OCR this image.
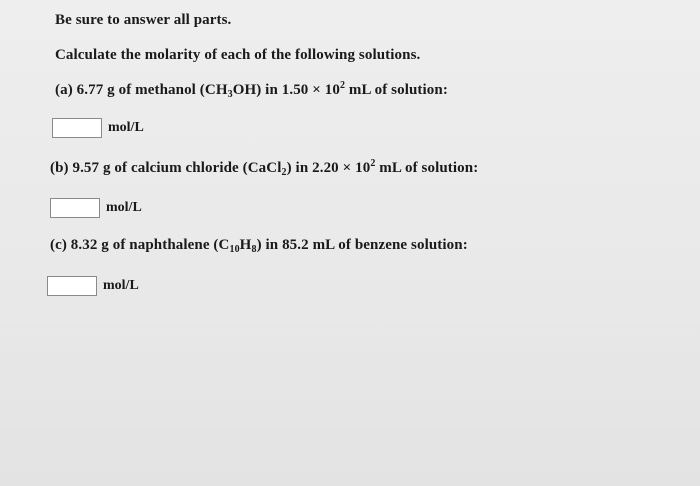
Be sure to answer all parts.
Calculate the molarity of each of the following solutions.
(a) 6.77 g of methanol $(CH_3OH)$ in $1.50 \times 10^2$ mL of solution:
mol/L
(b) 9.57 g of calcium chloride (CaCl$_2$) in $2.20 \times 10^2$ mL of solution:
mol/L
(c) 8.32 g of naphthalene $(C_{10}H_8)$ in 85.2 mL of benzene solution:
mol/L
